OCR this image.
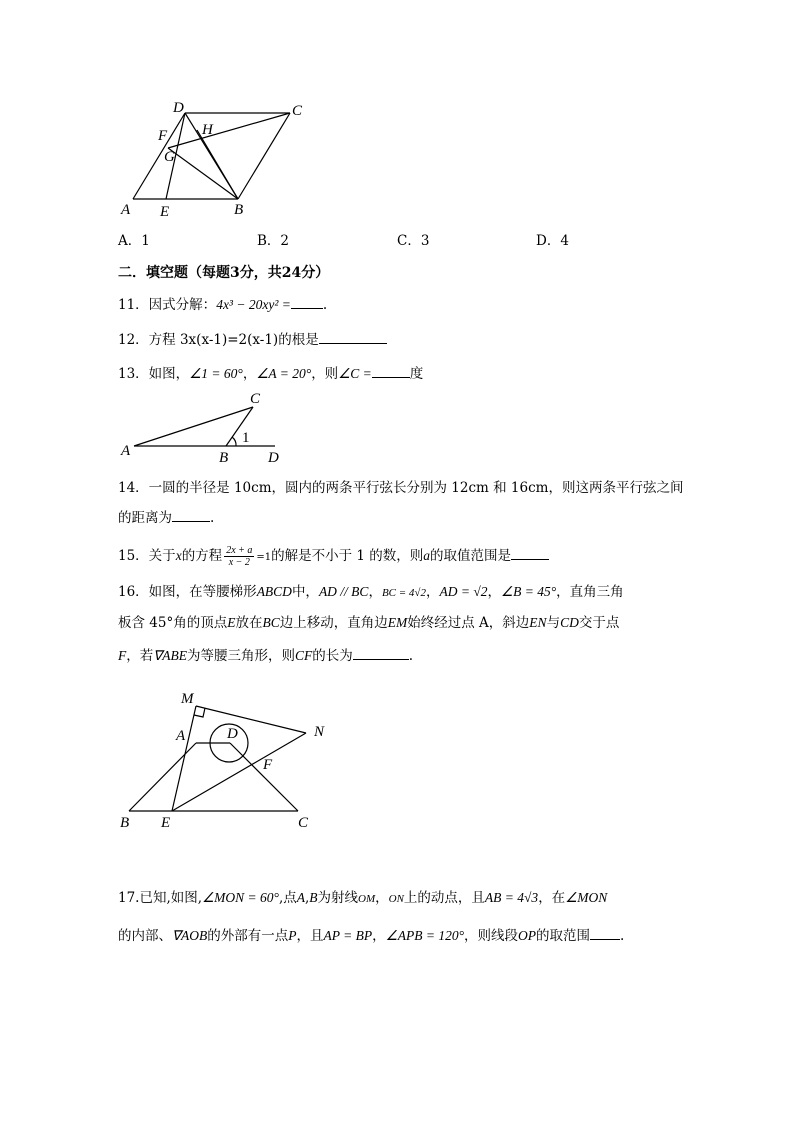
D	C
F H
G
A E	B
A．1	B．2	C．3	D．4
二．填空题（每题3分，共24分）
11．因式分解：4x³ − 20xy² = .
12．方程 3x(x-1)=2(x-1)的根是
13．如图，∠1 = 60°，∠A = 20°，则∠C =	度
C
A	B	D
1
14．一圆的半径是 10cm，圆内的两条平行弦长分别为 12cm 和 16cm，则这两条平行弦之间
的距离为	.
15．关于x的方程 $\frac{2x + a}{x - 2} =1$的解是不小于 1 的数，则a的取值范围是
16．如图，在等腰梯形ABCD中，AD // BC，BC = 4√2，AD = √2，∠B = 45°，直角三角
板含 45°角的顶点E放在BC边上移动，直角边EM始终经过点 A，斜边EN与CD交于点
F，若∇ABE为等腰三角形，则CF的长为	.
M
A	D	N
F
B E	C
17.已知,如图,∠MON = 60°,点A,B为射线OM，ON上的动点，且AB = 4√3，在∠MON
的内部、∇AOB的外部有一点P，且AP = BP，∠APB = 120°，则线段OP的取范围 .
